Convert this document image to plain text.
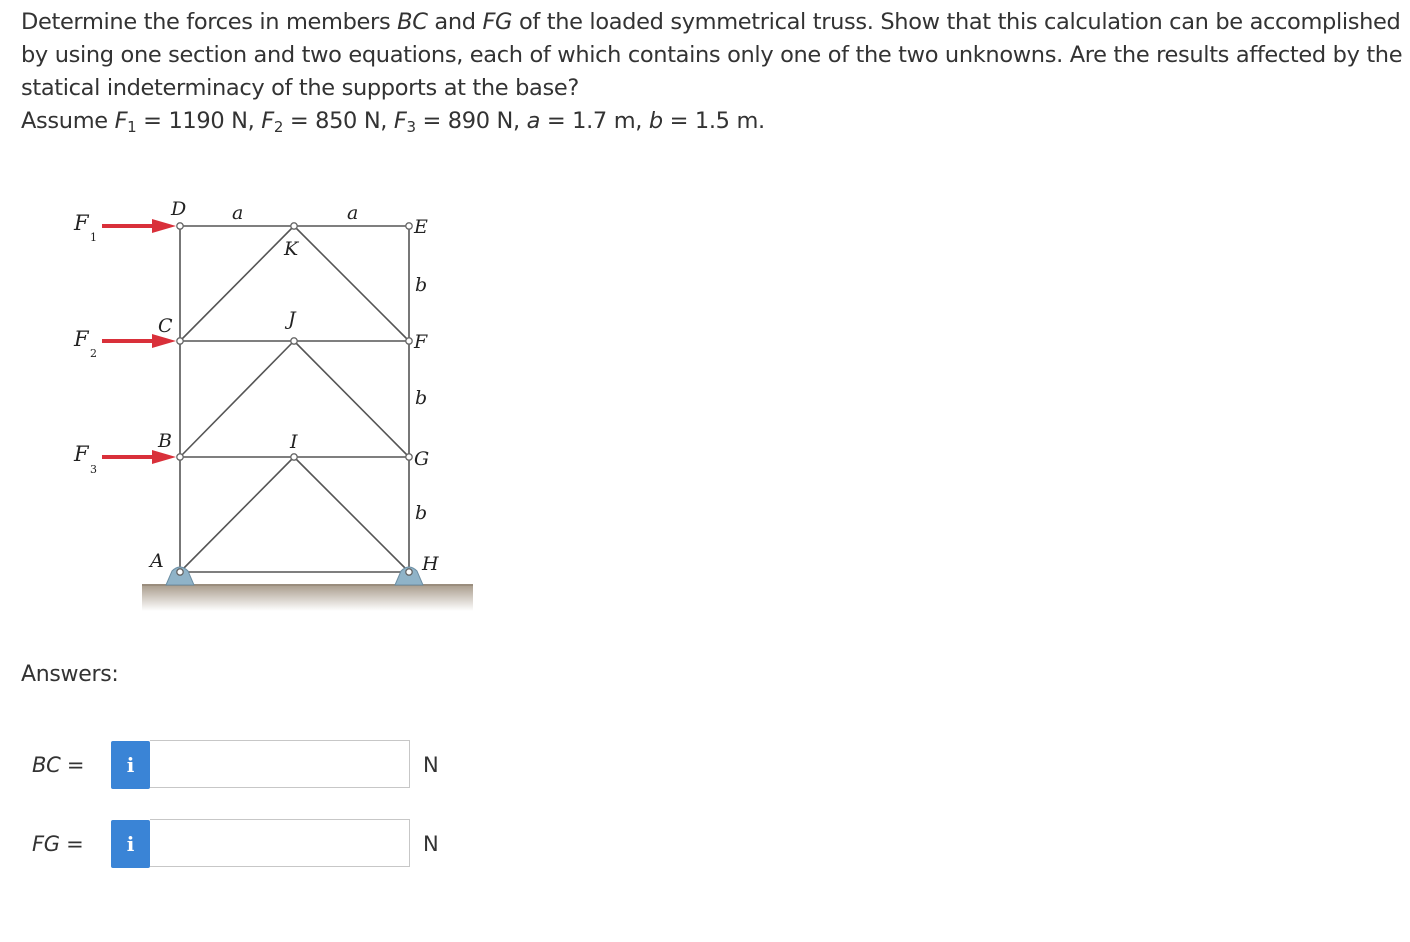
Determine the forces in members BC and FG of the loaded symmetrical truss. Show that this calculation can be accomplished by using one section and two equations, each of which contains only one of the two unknowns. Are the results affected by the statical indeterminacy of the supports at the base?

Assume $F_1 = 1190$ N, $F_2 = 850$ N, $F_3 = 890$ N, a = 1.7 m, b = 1.5 m.

F
1
F
2
F
3
D
K
E
C	J
F
B	I
G
A	H
a	a
b
b
b
Answers:
BC =	i	N
FG =	i	N
